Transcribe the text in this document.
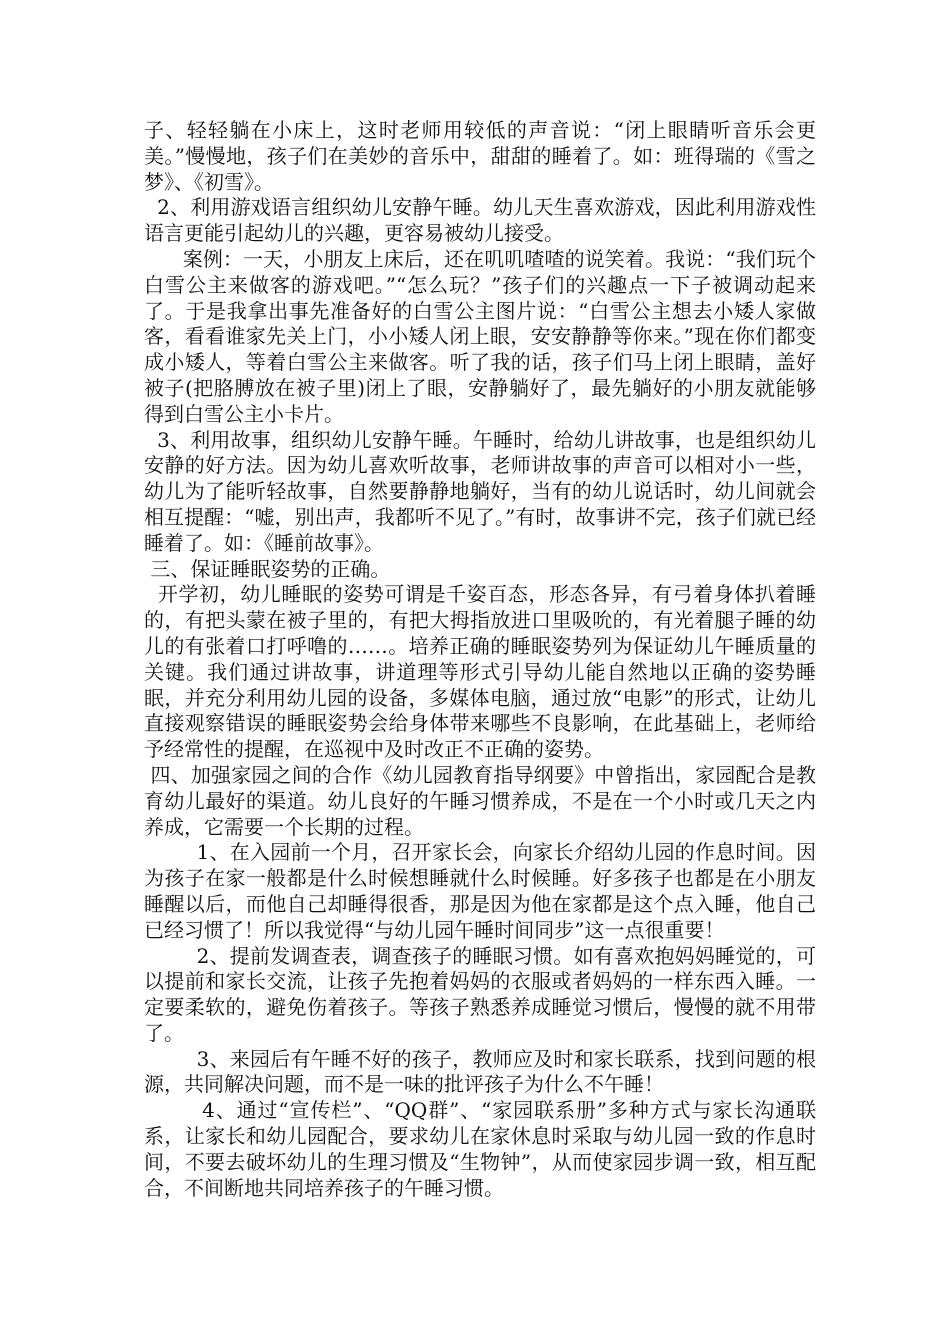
子、轻轻躺在小床上，这时老师用较低的声音说：“闭上眼睛听音乐会更美。”慢慢地，孩子们在美妙的音乐中，甜甜的睡着了。如：班得瑞的《雪之梦》、《初雪》。

2、利用游戏语言组织幼儿安静午睡。幼儿天生喜欢游戏，因此利用游戏性语言更能引起幼儿的兴趣，更容易被幼儿接受。

案例：一天，小朋友上床后，还在叽叽喳喳的说笑着。我说：“我们玩个白雪公主来做客的游戏吧。”“怎么玩？”孩子们的兴趣点一下子被调动起来了。于是我拿出事先准备好的白雪公主图片说：“白雪公主想去小矮人家做客，看看谁家先关上门，小小矮人闭上眼，安安静静等你来。”现在你们都变成小矮人，等着白雪公主来做客。听了我的话，孩子们马上闭上眼睛，盖好被子(把胳膊放在被子里)闭上了眼，安静躺好了，最先躺好的小朋友就能够得到白雪公主小卡片。

3、利用故事，组织幼儿安静午睡。午睡时，给幼儿讲故事，也是组织幼儿安静的好方法。因为幼儿喜欢听故事，老师讲故事的声音可以相对小一些，幼儿为了能听轻故事，自然要静静地躺好，当有的幼儿说话时，幼儿间就会相互提醒：“嘘，别出声，我都听不见了。”有时，故事讲不完，孩子们就已经睡着了。如：《睡前故事》。

三、保证睡眠姿势的正确。

开学初，幼儿睡眠的姿势可谓是千姿百态，形态各异，有弓着身体扒着睡的，有把头蒙在被子里的，有把大拇指放进口里吸吮的，有光着腿子睡的幼儿的有张着口打呼噜的……。培养正确的睡眠姿势列为保证幼儿午睡质量的关键。我们通过讲故事，讲道理等形式引导幼儿能自然地以正确的姿势睡眠，并充分利用幼儿园的设备，多媒体电脑，通过放“电影”的形式，让幼儿直接观察错误的睡眠姿势会给身体带来哪些不良影响，在此基础上，老师给予经常性的提醒，在巡视中及时改正不正确的姿势。

四、加强家园之间的合作《幼儿园教育指导纲要》中曾指出，家园配合是教育幼儿最好的渠道。幼儿良好的午睡习惯养成，不是在一个小时或几天之内养成，它需要一个长期的过程。

1、在入园前一个月，召开家长会，向家长介绍幼儿园的作息时间。因为孩子在家一般都是什么时候想睡就什么时候睡。好多孩子也都是在小朋友睡醒以后，而他自己却睡得很香，那是因为他在家都是这个点入睡，他自己已经习惯了！所以我觉得“与幼儿园午睡时间同步”这一点很重要！

2、提前发调查表，调查孩子的睡眠习惯。如有喜欢抱妈妈睡觉的，可以提前和家长交流，让孩子先抱着妈妈的衣服或者妈妈的一样东西入睡。一定要柔软的，避免伤着孩子。等孩子熟悉养成睡觉习惯后，慢慢的就不用带了。

3、来园后有午睡不好的孩子，教师应及时和家长联系，找到问题的根源，共同解决问题，而不是一味的批评孩子为什么不午睡！

4、通过“宣传栏”、“QQ群”、“家园联系册”多种方式与家长沟通联系，让家长和幼儿园配合，要求幼儿在家休息时采取与幼儿园一致的作息时间，不要去破坏幼儿的生理习惯及“生物钟”，从而使家园步调一致，相互配合，不间断地共同培养孩子的午睡习惯。
